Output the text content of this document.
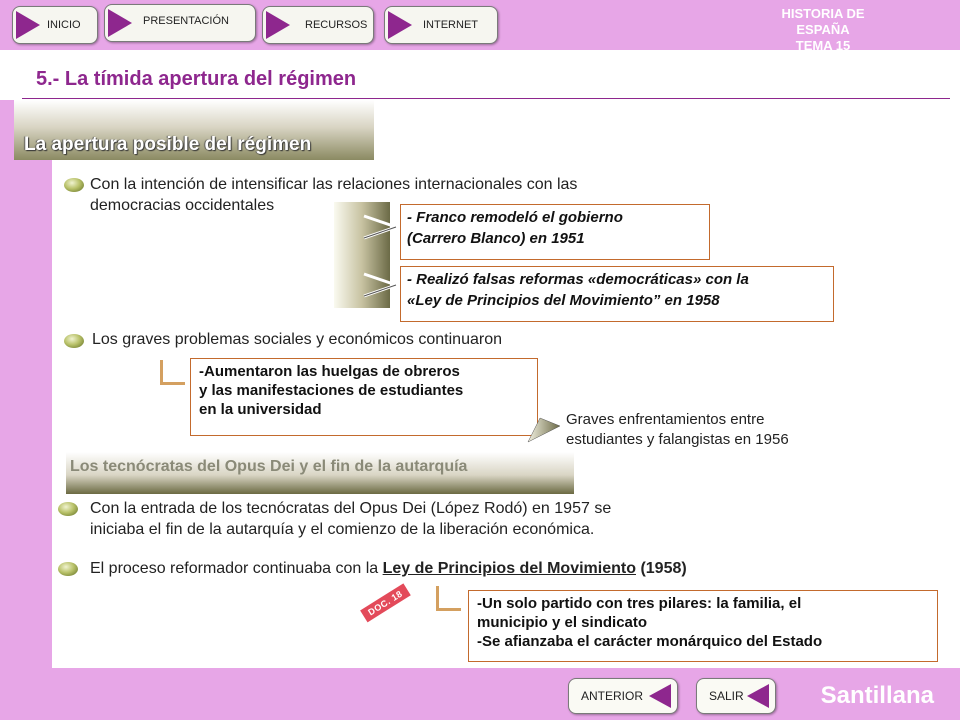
INICIO	PRESENTACIÓN	RECURSOS	INTERNET
HISTORIA DE ESPAÑA
TEMA 15
5.- La tímida apertura del régimen
La apertura posible del régimen
Con la intención de intensificar las relaciones internacionales con las
democracias occidentales
- Franco remodeló el gobierno
(Carrero Blanco) en 1951
- Realizó falsas reformas «democráticas» con la
«Ley de Principios del Movimiento” en 1958
Los graves problemas sociales y económicos continuaron
-Aumentaron las huelgas de obreros
y las manifestaciones de estudiantes
en la universidad
Graves enfrentamientos entre
estudiantes y falangistas en 1956
Los tecnócratas del Opus Dei y el fin de la autarquía
Con la entrada de los tecnócratas del Opus Dei (López Rodó) en 1957 se
iniciaba el fin de la autarquía y el comienzo de la liberación económica.
El proceso reformador continuaba con la Ley de Principios del Movimiento (1958)
DOC. 18	-Un solo partido con tres pilares: la familia, el
municipio y el sindicato
-Se afianzaba el carácter monárquico del Estado
ANTERIOR	SALIR	Santillana
